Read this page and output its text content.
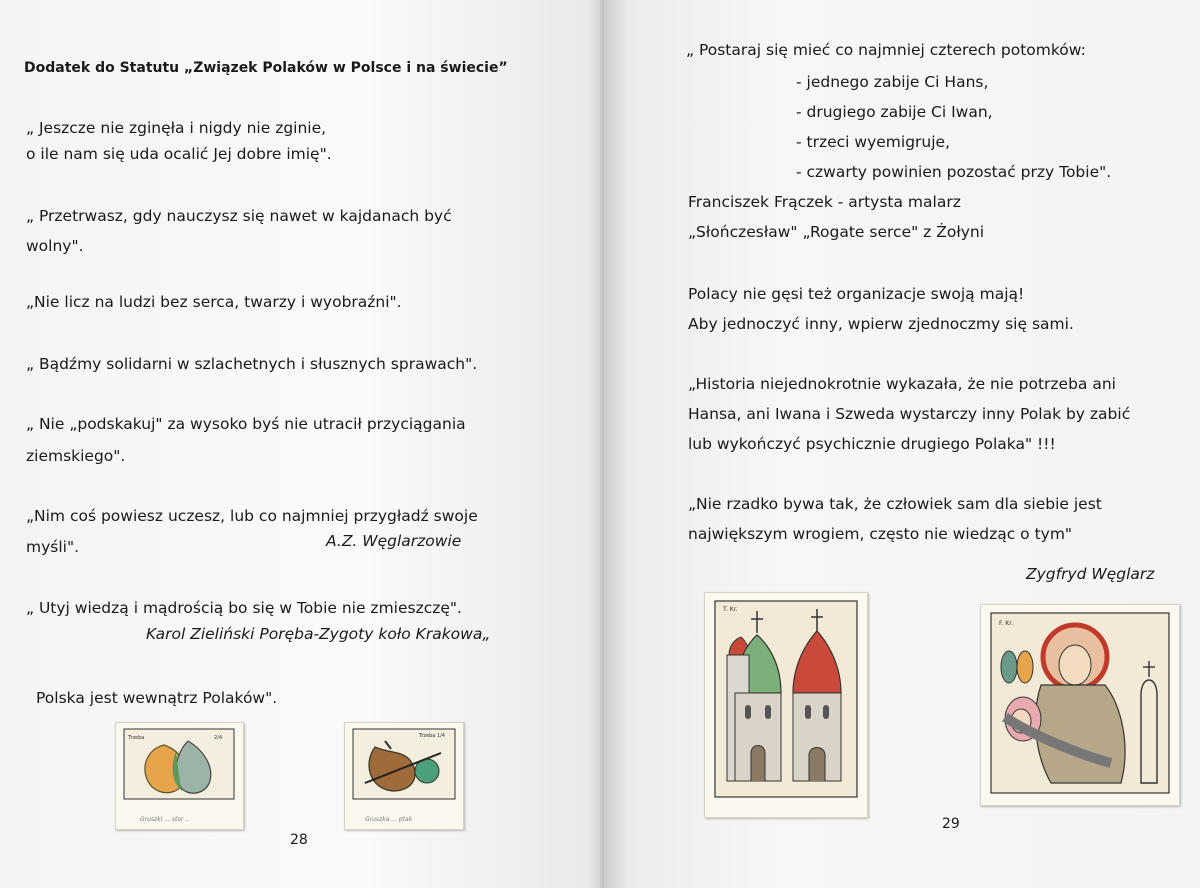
Dodatek do Statutu „Związek Polaków w Polsce i na świecie”
„ Jeszcze nie zginęła i nigdy nie zginie,
o ile nam się uda ocalić Jej dobre imię".
„ Przetrwasz, gdy nauczysz się nawet w kajdanach być
wolny".
„Nie licz na ludzi bez serca, twarzy i wyobraźni".
„ Bądźmy solidarni w szlachetnych i słusznych sprawach".
„ Nie „podskakuj" za wysoko byś nie utracił przyciągania
ziemskiego".
„Nim coś powiesz uczesz, lub co najmniej przygładź swoje
myśli".	A.Z. Węglarzowie
„ Utyj wiedzą i mądrością bo się w Tobie nie zmieszczę".
Karol Zieliński Poręba-Zygoty koło Krakowa„
Polska jest wewnątrz Polaków".
Trzeba	2/4
Gruszki ... stor ..
Trzeba 1/4
Gruszka ... ptak
28
„ Postaraj się mieć co najmniej czterech potomków:
- jednego zabije Ci Hans,
- drugiego zabije Ci Iwan,
- trzeci wyemigruje,
- czwarty powinien pozostać przy Tobie".
Franciszek Frączek - artysta malarz
„Słończesław" „Rogate serce" z Żołyni
Polacy nie gęsi też organizacje swoją mają!
Aby jednoczyć inny, wpierw zjednoczmy się sami.
„Historia niejednokrotnie wykazała, że nie potrzeba ani
Hansa, ani Iwana i Szweda wystarczy inny Polak by zabić
lub wykończyć psychicznie drugiego Polaka" !!!
„Nie rzadko bywa tak, że człowiek sam dla siebie jest
największym wrogiem, często nie wiedząc o tym"
Zygfryd Węglarz
T. Kr.
F. Kr.
29
